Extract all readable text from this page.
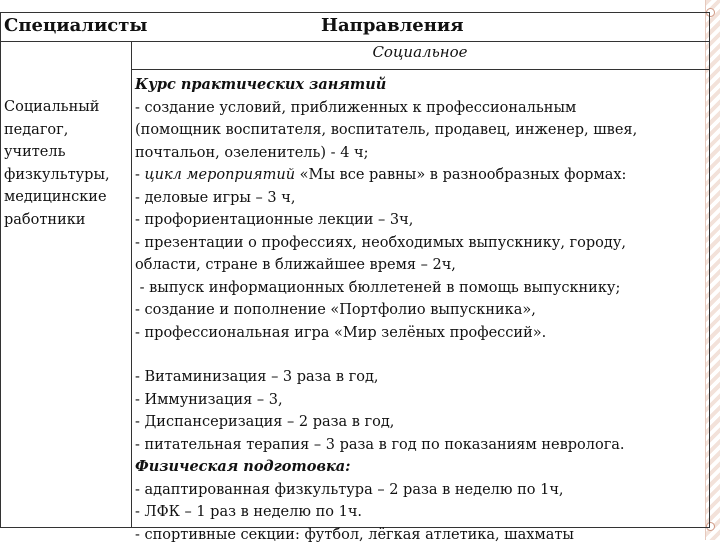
Специалисты	Направления
Социальное
Социальный
педагог,
учитель
физкультуры,
медицинские
работники
Курс практических занятий
- создание условий, приближенных к профессиональным
(помощник воспитателя, воспитатель, продавец, инженер, швея,
почтальон, озеленитель) - 4 ч;
- цикл мероприятий «Мы все равны» в разнообразных формах:
- деловые игры – 3 ч,
- профориентационные лекции – 3ч,
- презентации о профессиях, необходимых выпускнику, городу,
области, стране в ближайшее время – 2ч,
- выпуск информационных бюллетеней в помощь выпускнику;
- создание и пополнение «Портфолио выпускника»,
- профессиональная игра «Мир зелёных профессий».
- Витаминизация – 3 раза в год,
- Иммунизация – 3,
- Диспансеризация – 2 раза в год,
- питательная терапия – 3 раза в год по показаниям невролога.
Физическая подготовка:
- адаптированная физкультура – 2 раза в неделю по 1ч,
- ЛФК – 1 раз в неделю по 1ч.
- спортивные секции: футбол, лёгкая атлетика, шахматы
